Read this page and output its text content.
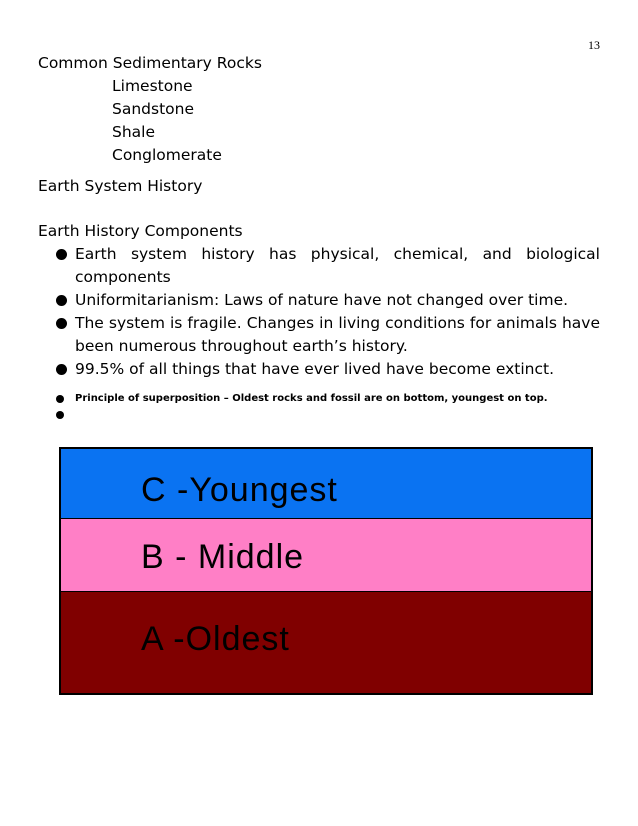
13

Common Sedimentary Rocks

Limestone
Sandstone
Shale
Conglomerate

Earth System History

Earth History Components

Earth system history has physical, chemical, and biological components
Uniformitarianism: Laws of nature have not changed over time.
The system is fragile. Changes in living conditions for animals have been numerous throughout earth’s history.
99.5% of all things that have ever lived have become extinct.
Principle of superposition – Oldest rocks and fossil are on bottom, youngest on top.
C -Youngest
B - Middle
A -Oldest
